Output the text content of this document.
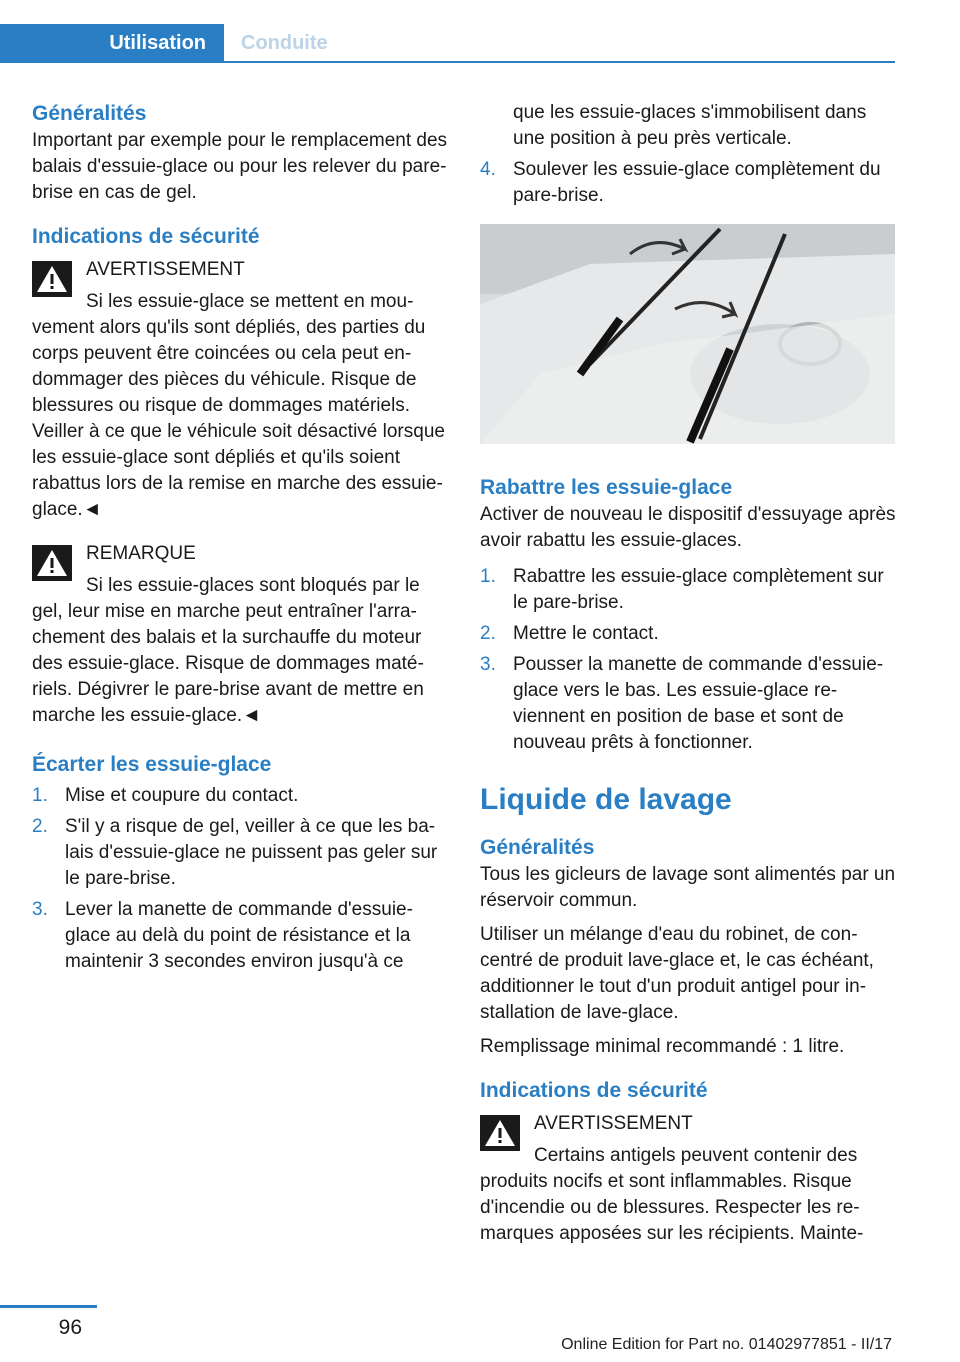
Utilisation Conduite
Généralités

Important par exemple pour le remplacement des balais d'essuie-glace ou pour les relever du pare-brise en cas de gel.

Indications de sécurité
AVERTISSEMENT

Si les essuie-glace se mettent en mouvement alors qu'ils sont dépliés, des parties du corps peuvent être coincées ou cela peut endommager des pièces du véhicule. Risque de blessures ou risque de dommages matériels. Veiller à ce que le véhicule soit désactivé lorsque les essuie-glace sont dépliés et qu'ils soient rabattus lors de la remise en marche des essuie-glace.◄

REMARQUE

Si les essuie-glaces sont bloqués par le gel, leur mise en marche peut entraîner l'arrachement des balais et la surchauffe du moteur des essuie-glace. Risque de dommages matériels. Dégivrer le pare-brise avant de mettre en marche les essuie-glace.◄

Écarter les essuie-glace
1. Mise et coupure du contact.
2. S'il y a risque de gel, veiller à ce que les balais d'essuie-glace ne puissent pas geler sur le pare-brise.
3. Lever la manette de commande d'essuie-glace au delà du point de résistance et la maintenir 3 secondes environ jusqu'à ce

que les essuie-glaces s'immobilisent dans une position à peu près verticale.

4. Soulever les essuie-glace complètement du pare-brise.
Rabattre les essuie-glace

Activer de nouveau le dispositif d'essuyage après avoir rabattu les essuie-glaces.

1. Rabattre les essuie-glace complètement sur le pare-brise.
2. Mettre le contact.
3. Pousser la manette de commande d'essuie-glace vers le bas. Les essuie-glace reviennent en position de base et sont de nouveau prêts à fonctionner.
Liquide de lavage
Généralités

Tous les gicleurs de lavage sont alimentés par un réservoir commun.

Utiliser un mélange d'eau du robinet, de concentré de produit lave-glace et, le cas échéant, additionner le tout d'un produit antigel pour installation de lave-glace.

Remplissage minimal recommandé : 1 litre.

Indications de sécurité
AVERTISSEMENT

Certains antigels peuvent contenir des produits nocifs et sont inflammables. Risque d'incendie ou de blessures. Respecter les remarques apposées sur les récipients. Mainte-

96
Online Edition for Part no. 01402977851 - II/17
